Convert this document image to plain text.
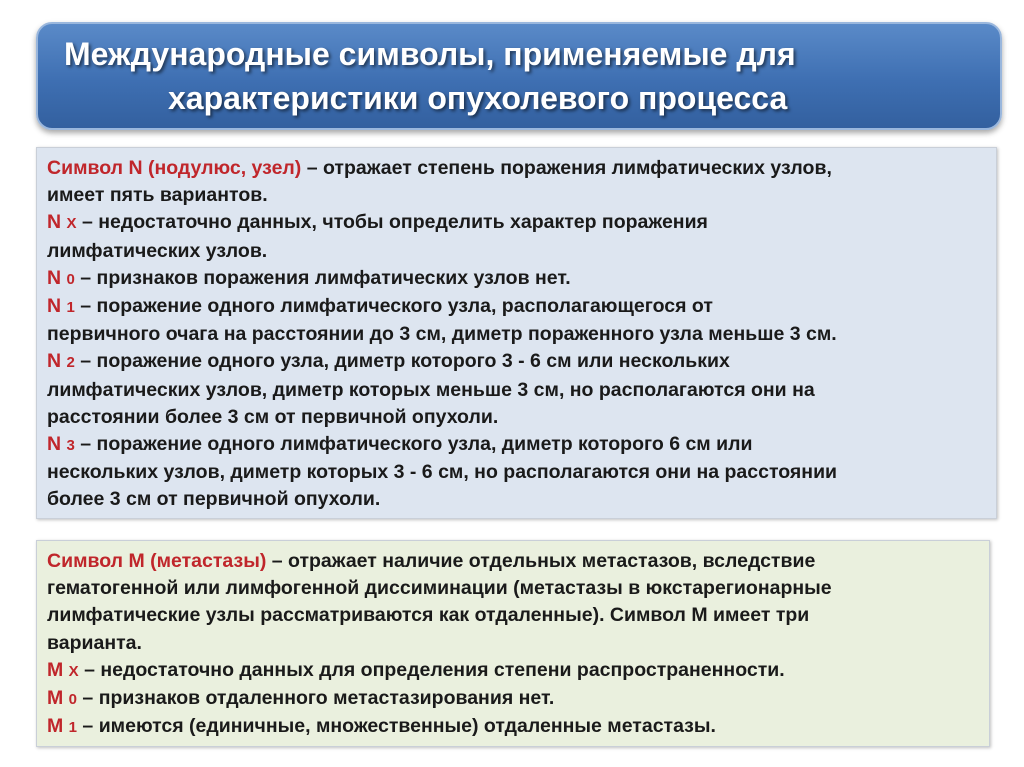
Международные символы, применяемые для
характеристики опухолевого процесса
Символ N (нодулюс, узел) – отражает степень поражения лимфатических узлов,
имеет пять вариантов.
N X – недостаточно данных, чтобы определить характер поражения
лимфатических узлов.
N 0 – признаков поражения лимфатических узлов нет.
N 1 – поражение одного лимфатического узла, располагающегося от
первичного очага на расстоянии до 3 см, диметр пораженного узла меньше 3 см.
N 2 – поражение одного узла, диметр которого 3 - 6 см или нескольких
лимфатических узлов, диметр которых меньше 3 см, но располагаются они на
расстоянии более 3 см от первичной опухоли.
N 3 – поражение одного лимфатического узла, диметр которого 6 см или
нескольких узлов, диметр которых 3 - 6 см, но располагаются они на расстоянии
более 3 см от первичной опухоли.
Символ М (метастазы) – отражает наличие отдельных метастазов, вследствие
гематогенной или лимфогенной диссиминации (метастазы в юкстарегионарные
лимфатические узлы рассматриваются как отдаленные). Символ М имеет три
варианта.
M X – недостаточно данных для определения степени распространенности.
M 0 – признаков отдаленного метастазирования нет.
M 1 – имеются (единичные, множественные) отдаленные метастазы.
